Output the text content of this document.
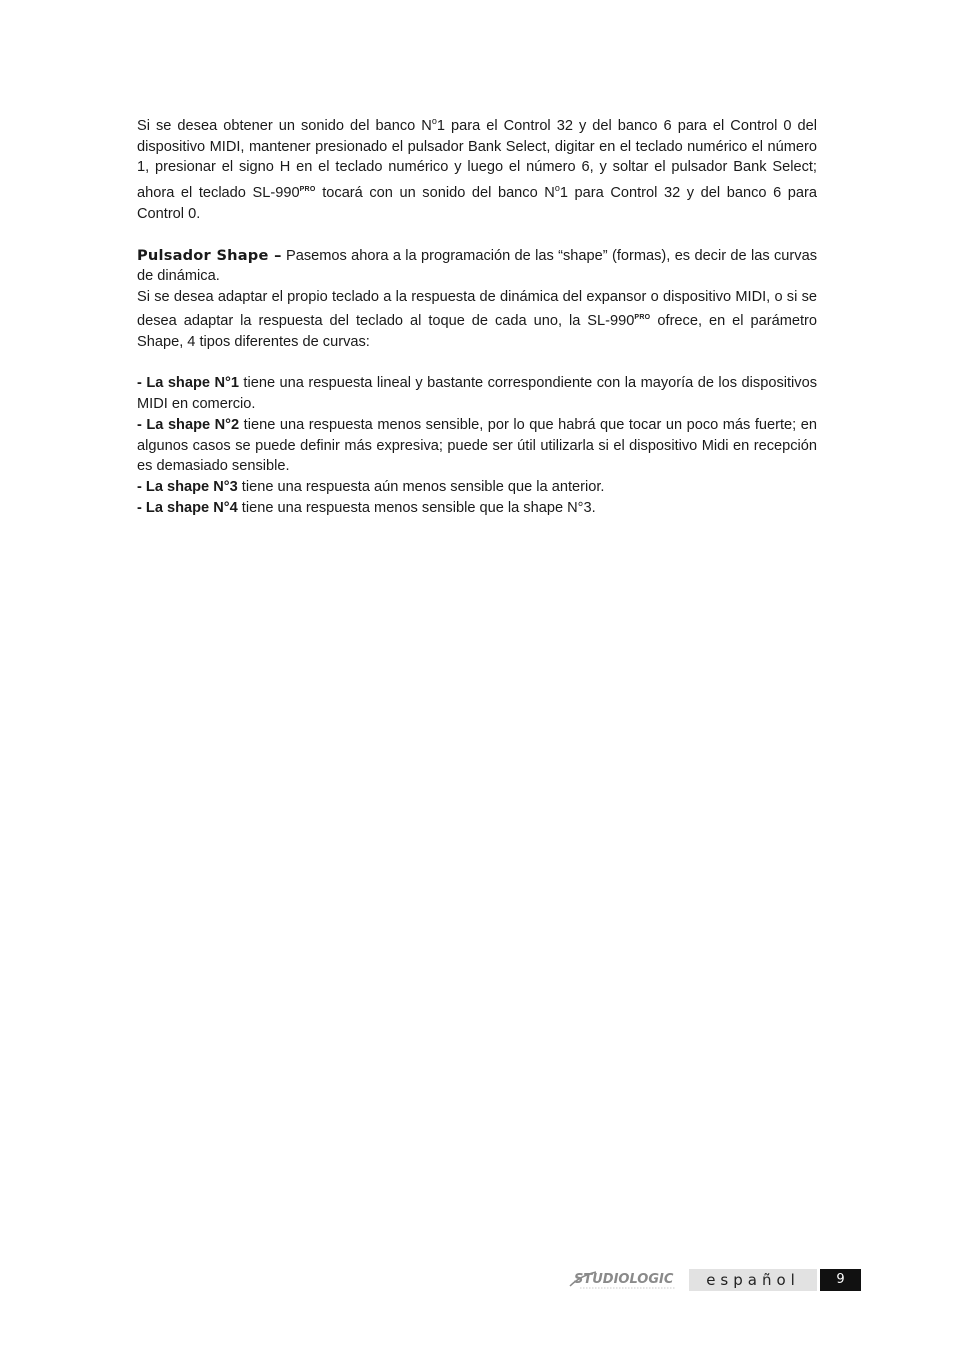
Si se desea obtener un sonido del banco $N^o1$ para el Control 32 y del banco 6 para el Control 0 del dispositivo MIDI, mantener presionado el pulsador Bank Select, digitar en el teclado numérico el número 1, presionar el signo H en el teclado numérico y luego el número 6, y soltar el pulsador Bank Select; ahora el teclado $SL-990^{PRO}$ tocará con un sonido del banco $N^o1$ para Control 32 y del banco 6 para Control 0.

Pulsador Shape – Pasemos ahora a la programación de las “shape” (formas), es decir de las curvas de dinámica.

Si se desea adaptar el propio teclado a la respuesta de dinámica del expansor o dispositivo MIDI, o si se desea adaptar la respuesta del teclado al toque de cada uno, la $SL-990^{PRO}$ ofrece, en el parámetro Shape, 4 tipos diferentes de curvas:

- La shape N°1 tiene una respuesta lineal y bastante correspondiente con la mayoría de los dispositivos MIDI en comercio.

- La shape N°2 tiene una respuesta menos sensible, por lo que habrá que tocar un poco más fuerte; en algunos casos se puede definir más expresiva; puede ser útil utilizarla si el dispositivo Midi en recepción es demasiado sensible.

- La shape N°3 tiene una respuesta aún menos sensible que la anterior.

- La shape N°4 tiene una respuesta menos sensible que la shape N°3.

STUDIOLOGIC	español	9
